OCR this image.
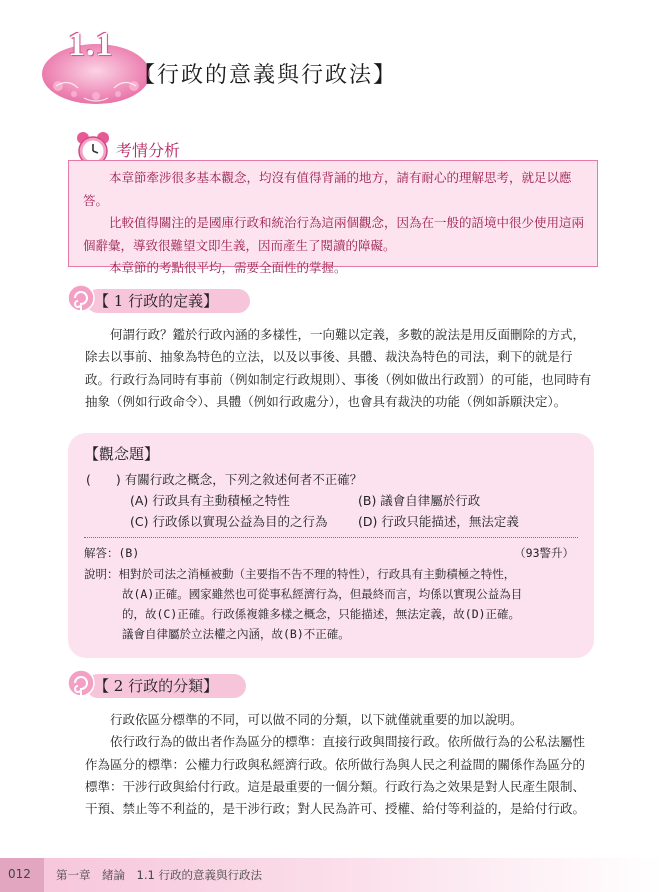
1.1
【行政的意義與行政法】
考情分析

本章節牽涉很多基本觀念，均沒有值得背誦的地方，請有耐心的理解思考，就足以應答。

比較值得關注的是國庫行政和統治行為這兩個觀念，因為在一般的語境中很少使用這兩個辭彙，導致很難望文即生義，因而產生了閱讀的障礙。

本章節的考點很平均，需要全面性的掌握。

【 1 行政的定義】

何謂行政？鑑於行政內涵的多樣性，一向難以定義，多數的說法是用反面刪除的方式，除去以事前、抽象為特色的立法，以及以事後、具體、裁決為特色的司法，剩下的就是行政。行政行為同時有事前（例如制定行政規則）、事後（例如做出行政罰）的可能，也同時有抽象（例如行政命令）、具體（例如行政處分），也會具有裁決的功能（例如訴願決定）。

【觀念題】
(　　) 有關行政之概念，下列之敘述何者不正確？
(A) 行政具有主動積極之特性	(B) 議會自律屬於行政
(C) 行政係以實現公益為目的之行為 (D) 行政只能描述，無法定義
解答：(B)	（93警升）
說明：相對於司法之消極被動（主要指不告不理的特性），行政具有主動積極之特性，
故(A)正確。國家雖然也可從事私經濟行為，但最終而言，均係以實現公益為目
的，故(C)正確。行政係複雜多樣之概念，只能描述，無法定義，故(D)正確。
議會自律屬於立法權之內涵，故(B)不正確。
【 2 行政的分類】

行政依區分標準的不同，可以做不同的分類，以下就僅就重要的加以說明。

依行政行為的做出者作為區分的標準：直接行政與間接行政。依所做行為的公私法屬性作為區分的標準：公權力行政與私經濟行政。依所做行為與人民之利益間的關係作為區分的標準：干涉行政與給付行政。這是最重要的一個分類。行政行為之效果是對人民產生限制、干預、禁止等不利益的，是干涉行政；對人民為許可、授權、給付等利益的，是給付行政。

012 第一章　緒論　1.1 行政的意義與行政法
